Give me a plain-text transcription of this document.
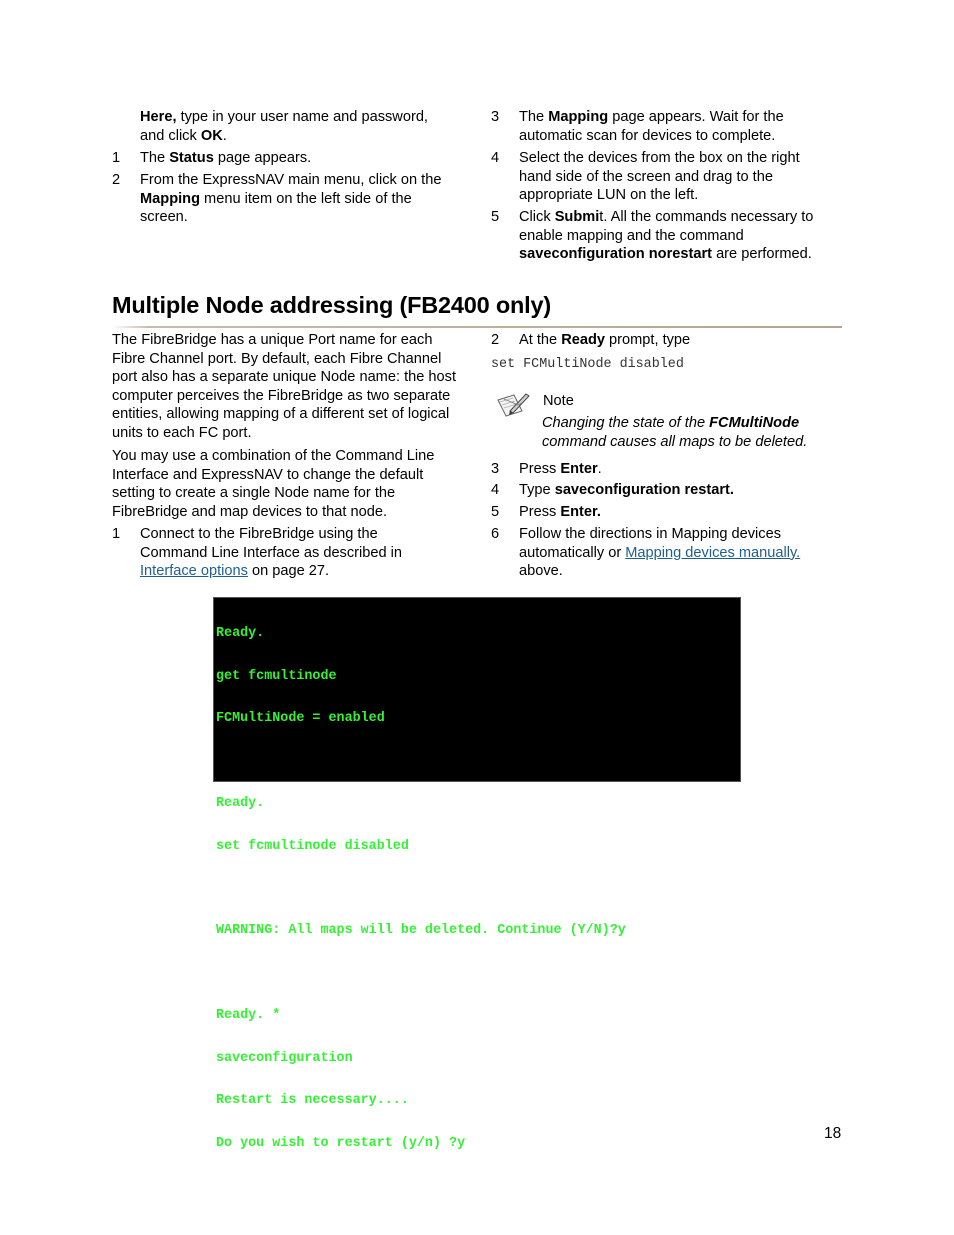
Here, type in your user name and password,
and click OK.
1 The Status page appears.
2 From the ExpressNAV main menu, click on the
Mapping menu item on the left side of the
screen.
3 The Mapping page appears. Wait for the
automatic scan for devices to complete.
4 Select the devices from the box on the right
hand side of the screen and drag to the
appropriate LUN on the left.
5 Click Submit. All the commands necessary to
enable mapping and the command
saveconfiguration norestart are performed.
Multiple Node addressing (FB2400 only)
The FibreBridge has a unique Port name for each
Fibre Channel port. By default, each Fibre Channel
port also has a separate unique Node name: the host
computer perceives the FibreBridge as two separate
entities, allowing mapping of a different set of logical
units to each FC port.
You may use a combination of the Command Line
Interface and ExpressNAV to change the default
setting to create a single Node name for the
FibreBridge and map devices to that node.
1 Connect to the FibreBridge using the
Command Line Interface as described in
Interface options on page 27.
2 At the Ready prompt, type
set FCMultiNode disabled
Note
Changing the state of the FCMultiNode
command causes all maps to be deleted.
3 Press Enter.
4 Type saveconfiguration restart.
5 Press Enter.
6 Follow the directions in Mapping devices
automatically or Mapping devices manually.
above.

Ready.

get fcmultinode

FCMultiNode = enabled

Ready.

set fcmultinode disabled

WARNING: All maps will be deleted. Continue (Y/N)?y

Ready. *

saveconfiguration

Restart is necessary....

Do you wish to restart (y/n) ?y

18
